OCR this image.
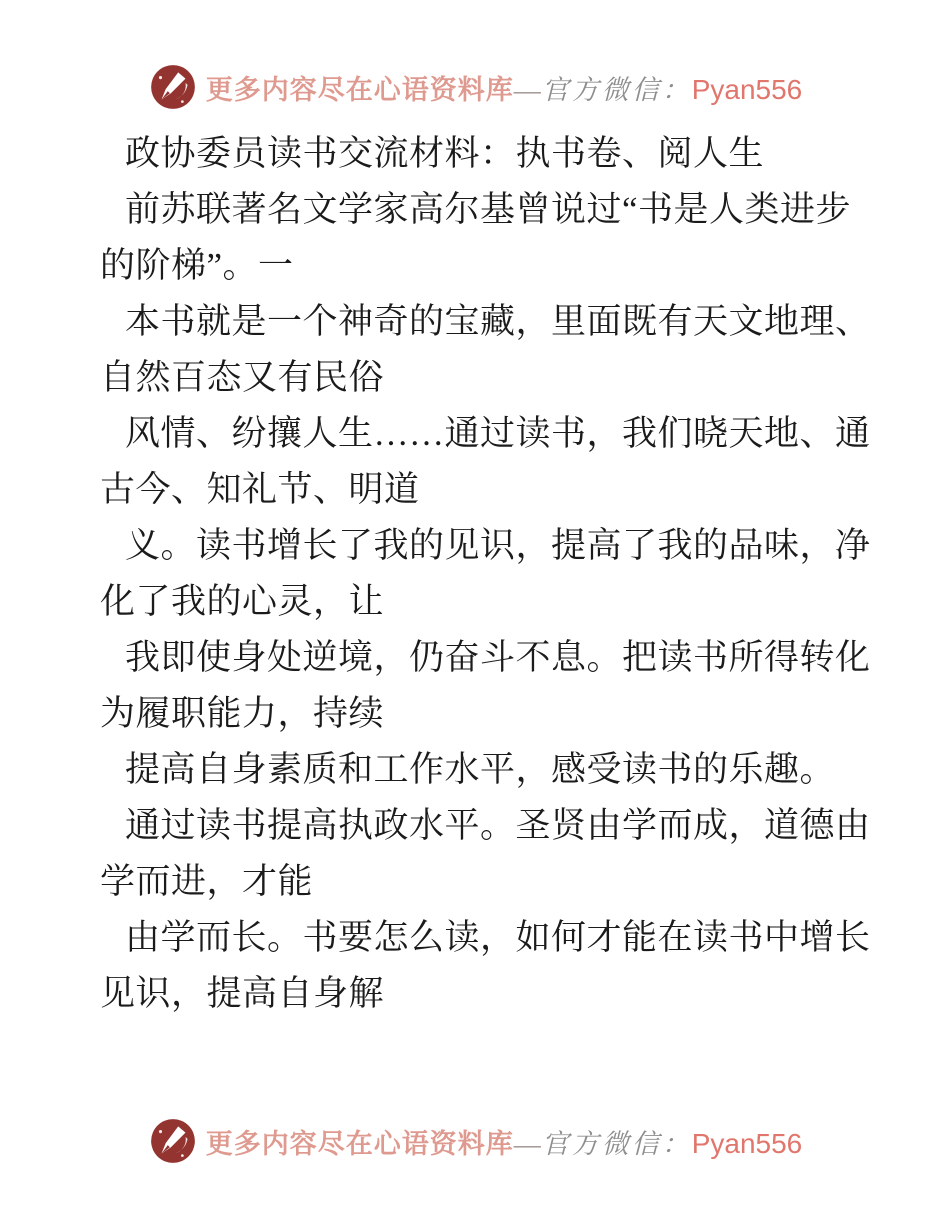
更多内容尽在心语资料库—官方微信：Pyan556
政协委员读书交流材料：执书卷、阅人生
前苏联著名文学家高尔基曾说过“书是人类进步
的阶梯”。一
本书就是一个神奇的宝藏，里面既有天文地理、
自然百态又有民俗
风情、纷攘人生……通过读书，我们晓天地、通
古今、知礼节、明道
义。读书增长了我的见识，提高了我的品味，净
化了我的心灵，让
我即使身处逆境，仍奋斗不息。把读书所得转化
为履职能力，持续
提高自身素质和工作水平，感受读书的乐趣。
通过读书提高执政水平。圣贤由学而成，道德由
学而进，才能
由学而长。书要怎么读，如何才能在读书中增长
见识，提高自身解
更多内容尽在心语资料库—官方微信：Pyan556
